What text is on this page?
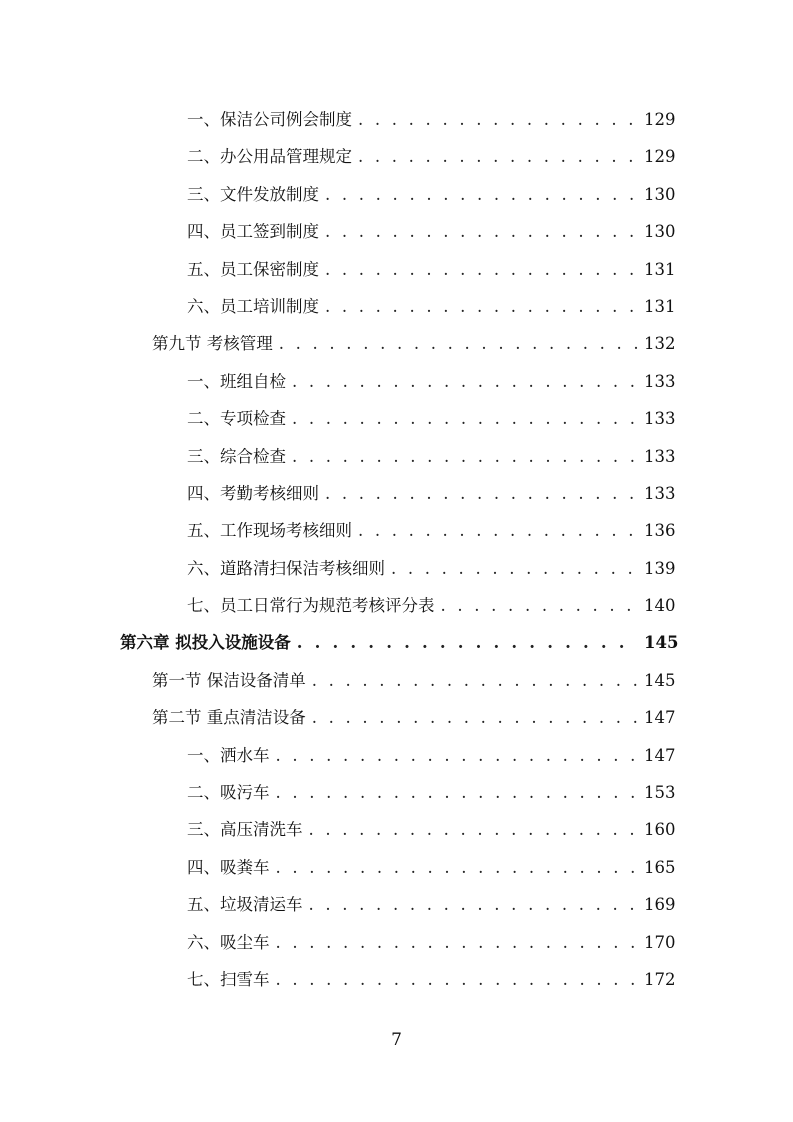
一、保洁公司例会制度 . . .	129
二、办公用品管理规定 . . .	129
三、文件发放制度 . . .	130
四、员工签到制度 . . .	130
五、员工保密制度 . . .	131
六、员工培训制度 . . .	131
第九节 考核管理 . . .	132
一、班组自检 . . .	133
二、专项检查 . . .	133
三、综合检查 . . .	133
四、考勤考核细则 . . .	133
五、工作现场考核细则 . . .	136
六、道路清扫保洁考核细则 . . .	139
七、员工日常行为规范考核评分表 . . .	140
第六章 拟投入设施设备 . . .	145
第一节 保洁设备清单 . . .	145
第二节 重点清洁设备 . . .	147
一、洒水车 . . .	147
二、吸污车 . . .	153
三、高压清洗车 . . .	160
四、吸粪车 . . .	165
五、垃圾清运车 . . .	169
六、吸尘车 . . .	170
七、扫雪车 . . .	172
7
